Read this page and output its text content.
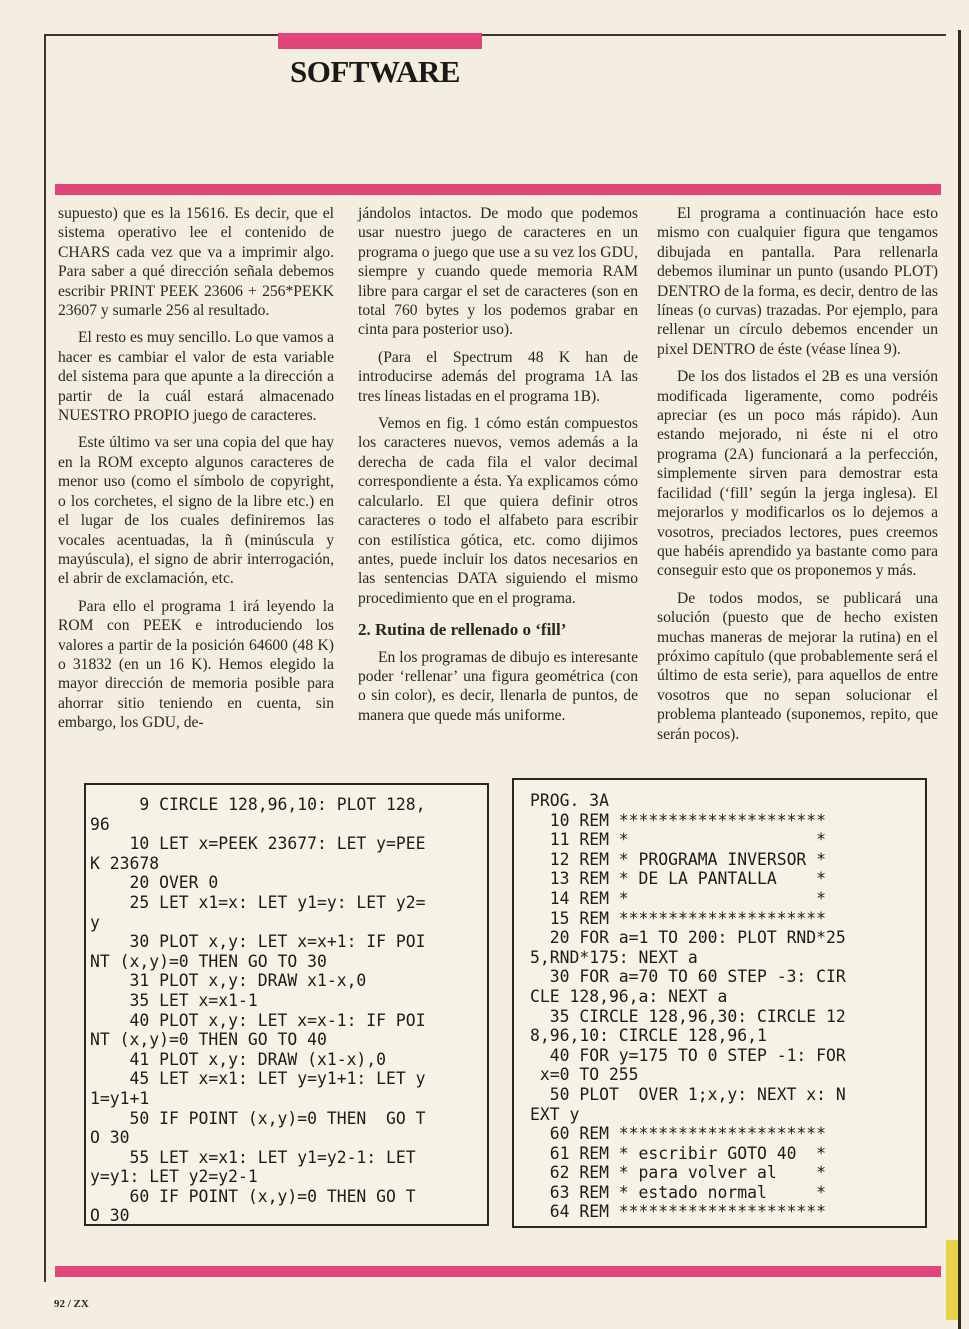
SOFTWARE

supuesto) que es la 15616. Es decir, que el sistema operativo lee el contenido de CHARS cada vez que va a imprimir algo. Para saber a qué dirección señala debemos escribir PRINT PEEK 23606 + 256*PEKK 23607 y sumarle 256 al resultado.

El resto es muy sencillo. Lo que vamos a hacer es cambiar el valor de esta variable del sistema para que apunte a la dirección a partir de la cuál estará almacenado NUESTRO PROPIO juego de caracteres.

Este último va ser una copia del que hay en la ROM excepto algunos caracteres de menor uso (como el símbolo de copyright, o los corchetes, el signo de la libre etc.) en el lugar de los cuales definiremos las vocales acentuadas, la ñ (minúscula y mayúscula), el signo de abrir interrogación, el abrir de exclamación, etc.

Para ello el programa 1 irá leyendo la ROM con PEEK e introduciendo los valores a partir de la posición 64600 (48 K) o 31832 (en un 16 K). Hemos elegido la mayor dirección de memoria posible para ahorrar sitio teniendo en cuenta, sin embargo, los GDU, de-

jándolos intactos. De modo que podemos usar nuestro juego de caracteres en un programa o juego que use a su vez los GDU, siempre y cuando quede memoria RAM libre para cargar el set de caracteres (son en total 760 bytes y los podemos grabar en cinta para posterior uso).

(Para el Spectrum 48 K han de introducirse además del programa 1A las tres líneas listadas en el programa 1B).

Vemos en fig. 1 cómo están compuestos los caracteres nuevos, vemos además a la derecha de cada fila el valor decimal correspondiente a ésta. Ya explicamos cómo calcularlo. El que quiera definir otros caracteres o todo el alfabeto para escribir con estilística gótica, etc. como dijimos antes, puede incluir los datos necesarios en las sentencias DATA siguiendo el mismo procedimiento que en el programa.

2. Rutina de rellenado o ‘fill’

En los programas de dibujo es interesante poder ‘rellenar’ una figura geométrica (con o sin color), es decir, llenarla de puntos, de manera que quede más uniforme.

El programa a continuación hace esto mismo con cualquier figura que tengamos dibujada en pantalla. Para rellenarla debemos iluminar un punto (usando PLOT) DENTRO de la forma, es decir, dentro de las líneas (o curvas) trazadas. Por ejemplo, para rellenar un círculo debemos encender un pixel DENTRO de éste (véase línea 9).

De los dos listados el 2B es una versión modificada ligeramente, como podréis apreciar (es un poco más rápido). Aun estando mejorado, ni éste ni el otro programa (2A) funcionará a la perfección, simplemente sirven para demostrar esta facilidad (‘fill’ según la jerga inglesa). El mejorarlos y modificarlos os lo dejemos a vosotros, preciados lectores, pues creemos que habéis aprendido ya bastante como para conseguir esto que os proponemos y más.

De todos modos, se publicará una solución (puesto que de hecho existen muchas maneras de mejorar la rutina) en el próximo capítulo (que probablemente será el último de esta serie), para aquellos de entre vosotros que no sepan solucionar el problema planteado (suponemos, repito, que serán pocos).

9 CIRCLE 128,96,10: PLOT 128,
96
10 LET x=PEEK 23677: LET y=PEE
K 23678
20 OVER 0
25 LET x1=x: LET y1=y: LET y2=
y
30 PLOT x,y: LET x=x+1: IF POI
NT (x,y)=0 THEN GO TO 30
31 PLOT x,y: DRAW x1-x,0
35 LET x=x1-1
40 PLOT x,y: LET x=x-1: IF POI
NT (x,y)=0 THEN GO TO 40
41 PLOT x,y: DRAW (x1-x),0
45 LET x=x1: LET y=y1+1: LET y
1=y1+1
50 IF POINT (x,y)=0 THEN  GO T
O 30
55 LET x=x1: LET y1=y2-1: LET
y=y1: LET y2=y2-1
60 IF POINT (x,y)=0 THEN GO T
O 30
PROG. 3A
10 REM *********************
11 REM *                   *
12 REM * PROGRAMA INVERSOR *
13 REM * DE LA PANTALLA    *
14 REM *                   *
15 REM *********************
20 FOR a=1 TO 200: PLOT RND*25
5,RND*175: NEXT a
30 FOR a=70 TO 60 STEP -3: CIR
CLE 128,96,a: NEXT a
35 CIRCLE 128,96,30: CIRCLE 12
8,96,10: CIRCLE 128,96,1
40 FOR y=175 TO 0 STEP -1: FOR
x=0 TO 255
50 PLOT  OVER 1;x,y: NEXT x: N
EXT y
60 REM *********************
61 REM * escribir GOTO 40  *
62 REM * para volver al    *
63 REM * estado normal     *
64 REM *********************
92 / ZX
